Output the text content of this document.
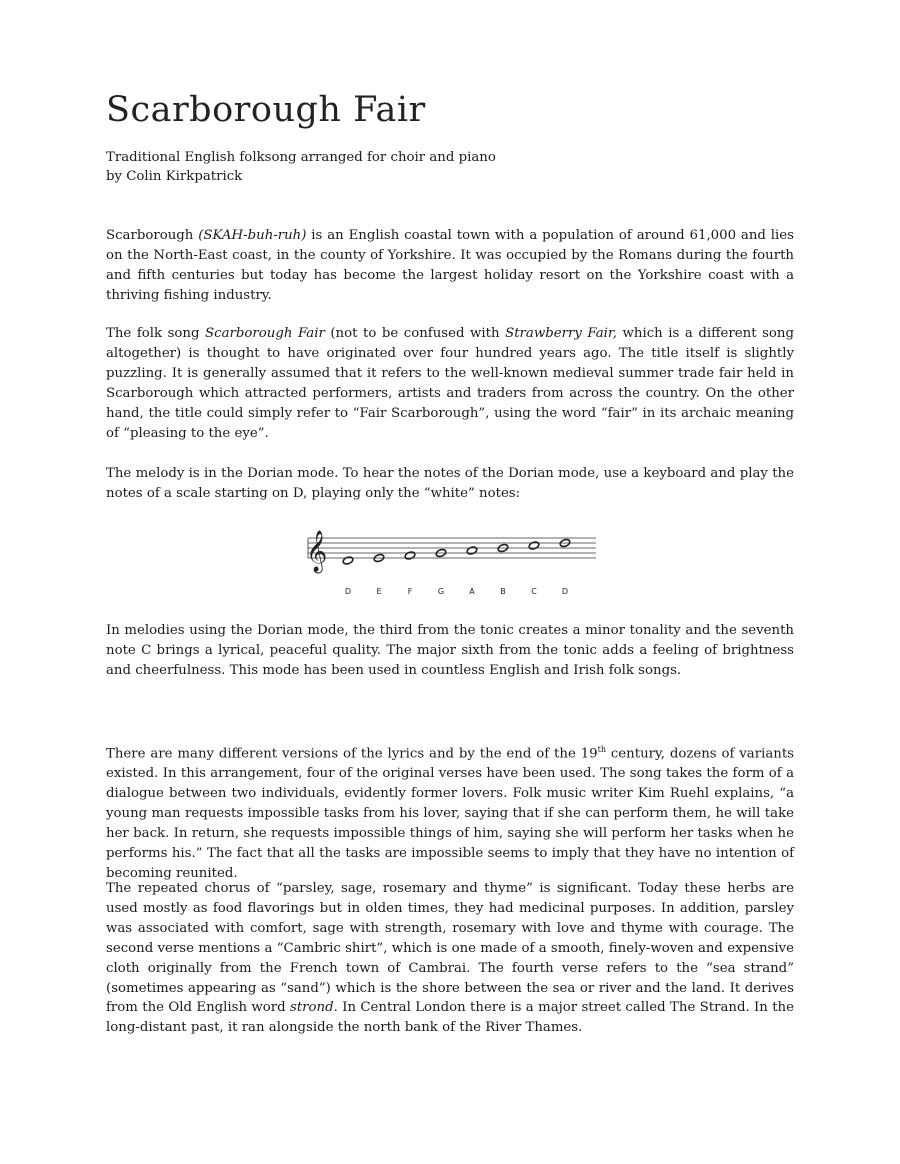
Scarborough Fair

Traditional English folksong arranged for choir and piano
by Colin Kirkpatrick

Scarborough (SKAH-buh-ruh) is an English coastal town with a population of around 61,000 and lies on the North-East coast, in the county of Yorkshire. It was occupied by the Romans during the fourth and fifth centuries but today has become the largest holiday resort on the Yorkshire coast with a thriving fishing industry.

The folk song Scarborough Fair (not to be confused with Strawberry Fair, which is a different song altogether) is thought to have originated over four hundred years ago. The title itself is slightly puzzling. It is generally assumed that it refers to the well-known medieval summer trade fair held in Scarborough which attracted performers, artists and traders from across the country. On the other hand, the title could simply refer to “Fair Scarborough”, using the word “fair” in its archaic meaning of “pleasing to the eye”.

The melody is in the Dorian mode. To hear the notes of the Dorian mode, use a keyboard and play the notes of a scale starting on D, playing only the “white” notes:

𝄞
D	E	F	G	A	B	C	D

In melodies using the Dorian mode, the third from the tonic creates a minor tonality and the seventh note C brings a lyrical, peaceful quality. The major sixth from the tonic adds a feeling of brightness and cheerfulness. This mode has been used in countless English and Irish folk songs.

There are many different versions of the lyrics and by the end of the 19th century, dozens of variants existed. In this arrangement, four of the original verses have been used. The song takes the form of a dialogue between two individuals, evidently former lovers. Folk music writer Kim Ruehl explains, “a young man requests impossible tasks from his lover, saying that if she can perform them, he will take her back. In return, she requests impossible things of him, saying she will perform her tasks when he performs his.” The fact that all the tasks are impossible seems to imply that they have no intention of becoming reunited.

The repeated chorus of “parsley, sage, rosemary and thyme” is significant. Today these herbs are used mostly as food flavorings but in olden times, they had medicinal purposes. In addition, parsley was associated with comfort, sage with strength, rosemary with love and thyme with courage. The second verse mentions a “Cambric shirt”, which is one made of a smooth, finely-woven and expensive cloth originally from the French town of Cambrai. The fourth verse refers to the “sea strand” (sometimes appearing as “sand”) which is the shore between the sea or river and the land. It derives from the Old English word strond. In Central London there is a major street called The Strand. In the long-distant past, it ran alongside the north bank of the River Thames.
